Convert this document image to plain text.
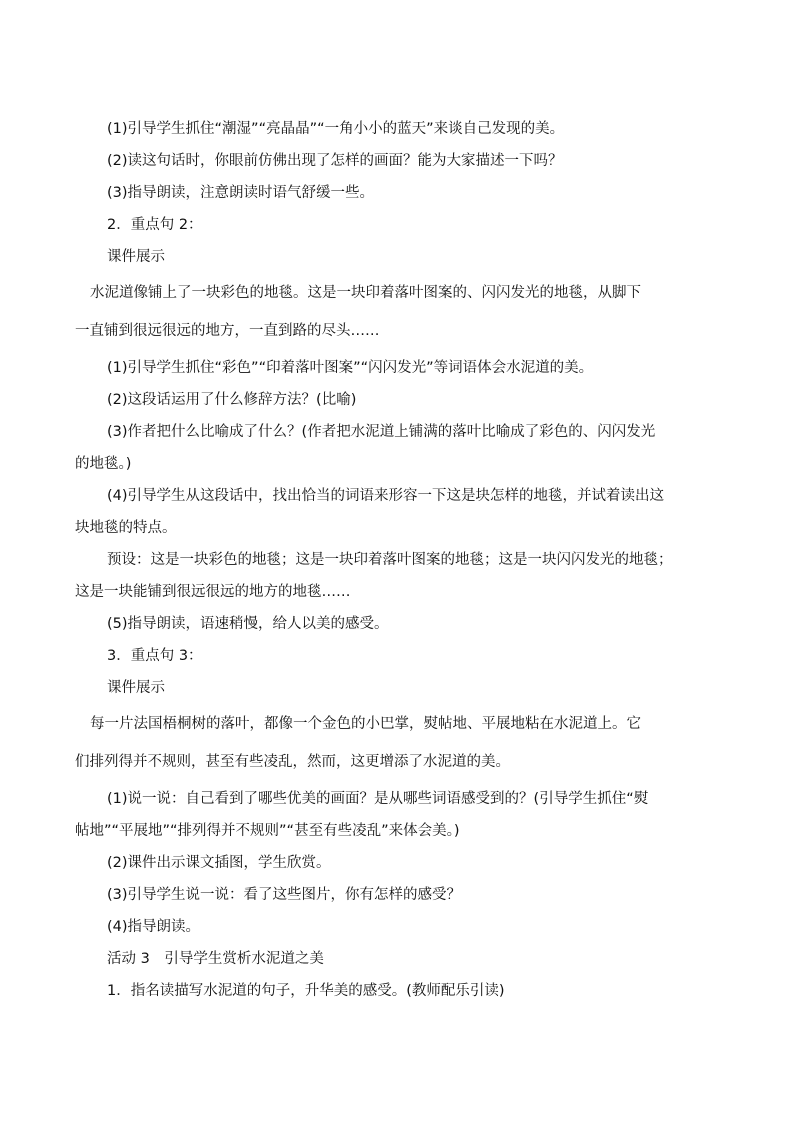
(1)引导学生抓住“潮湿”“亮晶晶”“一角小小的蓝天”来谈自己发现的美。

(2)读这句话时，你眼前仿佛出现了怎样的画面？能为大家描述一下吗？

(3)指导朗读，注意朗读时语气舒缓一些。

2．重点句 2：

课件展示

水泥道像铺上了一块彩色的地毯。这是一块印着落叶图案的、闪闪发光的地毯，从脚下

一直铺到很远很远的地方，一直到路的尽头……

(1)引导学生抓住“彩色”“印着落叶图案”“闪闪发光”等词语体会水泥道的美。

(2)这段话运用了什么修辞方法？(比喻)

(3)作者把什么比喻成了什么？(作者把水泥道上铺满的落叶比喻成了彩色的、闪闪发光

的地毯。)

(4)引导学生从这段话中，找出恰当的词语来形容一下这是块怎样的地毯，并试着读出这

块地毯的特点。

预设：这是一块彩色的地毯；这是一块印着落叶图案的地毯；这是一块闪闪发光的地毯；

这是一块能铺到很远很远的地方的地毯……

(5)指导朗读，语速稍慢，给人以美的感受。

3．重点句 3：

课件展示

每一片法国梧桐树的落叶，都像一个金色的小巴掌，熨帖地、平展地粘在水泥道上。它

们排列得并不规则，甚至有些凌乱，然而，这更增添了水泥道的美。

(1)说一说：自己看到了哪些优美的画面？是从哪些词语感受到的？(引导学生抓住“熨

帖地”“平展地”“排列得并不规则”“甚至有些凌乱”来体会美。)

(2)课件出示课文插图，学生欣赏。

(3)引导学生说一说：看了这些图片，你有怎样的感受？

(4)指导朗读。

活动 3　引导学生赏析水泥道之美

1．指名读描写水泥道的句子，升华美的感受。(教师配乐引读)
